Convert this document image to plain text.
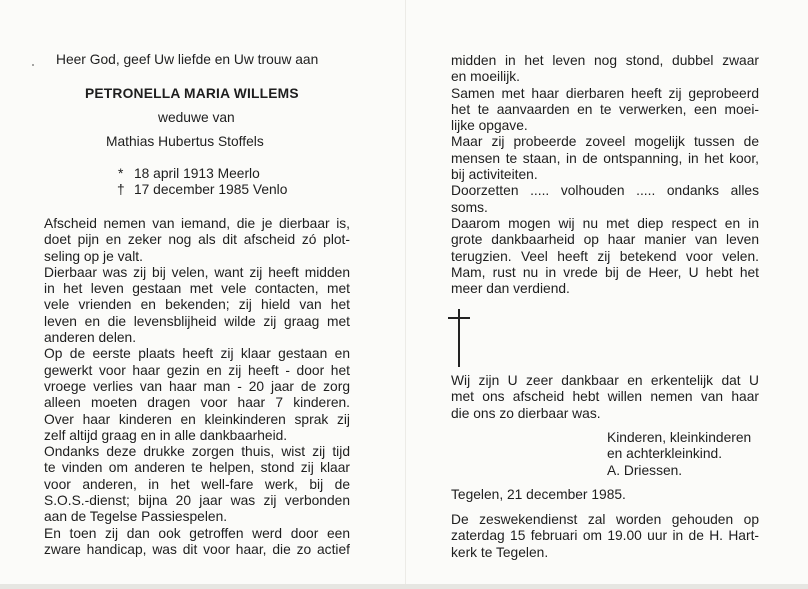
Heer God, geef Uw liefde en Uw trouw aan
PETRONELLA MARIA WILLEMS
weduwe van
Mathias Hubertus Stoffels
* 18 april 1913 Meerlo
† 17 december 1985 Venlo
Afscheid nemen van iemand, die je dierbaar is,
doet pijn en zeker nog als dit afscheid zó plot-
seling op je valt.
Dierbaar was zij bij velen, want zij heeft midden
in het leven gestaan met vele contacten, met
vele vrienden en bekenden; zij hield van het
leven en die levensblijheid wilde zij graag met
anderen delen.
Op de eerste plaats heeft zij klaar gestaan en
gewerkt voor haar gezin en zij heeft - door het
vroege verlies van haar man - 20 jaar de zorg
alleen moeten dragen voor haar 7 kinderen.
Over haar kinderen en kleinkinderen sprak zij
zelf altijd graag en in alle dankbaarheid.
Ondanks deze drukke zorgen thuis, wist zij tijd
te vinden om anderen te helpen, stond zij klaar
voor anderen, in het well-fare werk, bij de
S.O.S.-dienst; bijna 20 jaar was zij verbonden
aan de Tegelse Passiespelen.
En toen zij dan ook getroffen werd door een
zware handicap, was dit voor haar, die zo actief
midden in het leven nog stond, dubbel zwaar
en moeilijk.
Samen met haar dierbaren heeft zij geprobeerd
het te aanvaarden en te verwerken, een moei-
lijke opgave.
Maar zij probeerde zoveel mogelijk tussen de
mensen te staan, in de ontspanning, in het koor,
bij activiteiten.
Doorzetten ..... volhouden ..... ondanks alles
soms.
Daarom mogen wij nu met diep respect en in
grote dankbaarheid op haar manier van leven
terugzien. Veel heeft zij betekend voor velen.
Mam, rust nu in vrede bij de Heer, U hebt het
meer dan verdiend.
Wij zijn U zeer dankbaar en erkentelijk dat U
met ons afscheid hebt willen nemen van haar
die ons zo dierbaar was.
Kinderen, kleinkinderen
en achterkleinkind.
A. Driessen.
Tegelen, 21 december 1985.
De zeswekendienst zal worden gehouden op
zaterdag 15 februari om 19.00 uur in de H. Hart-
kerk te Tegelen.
